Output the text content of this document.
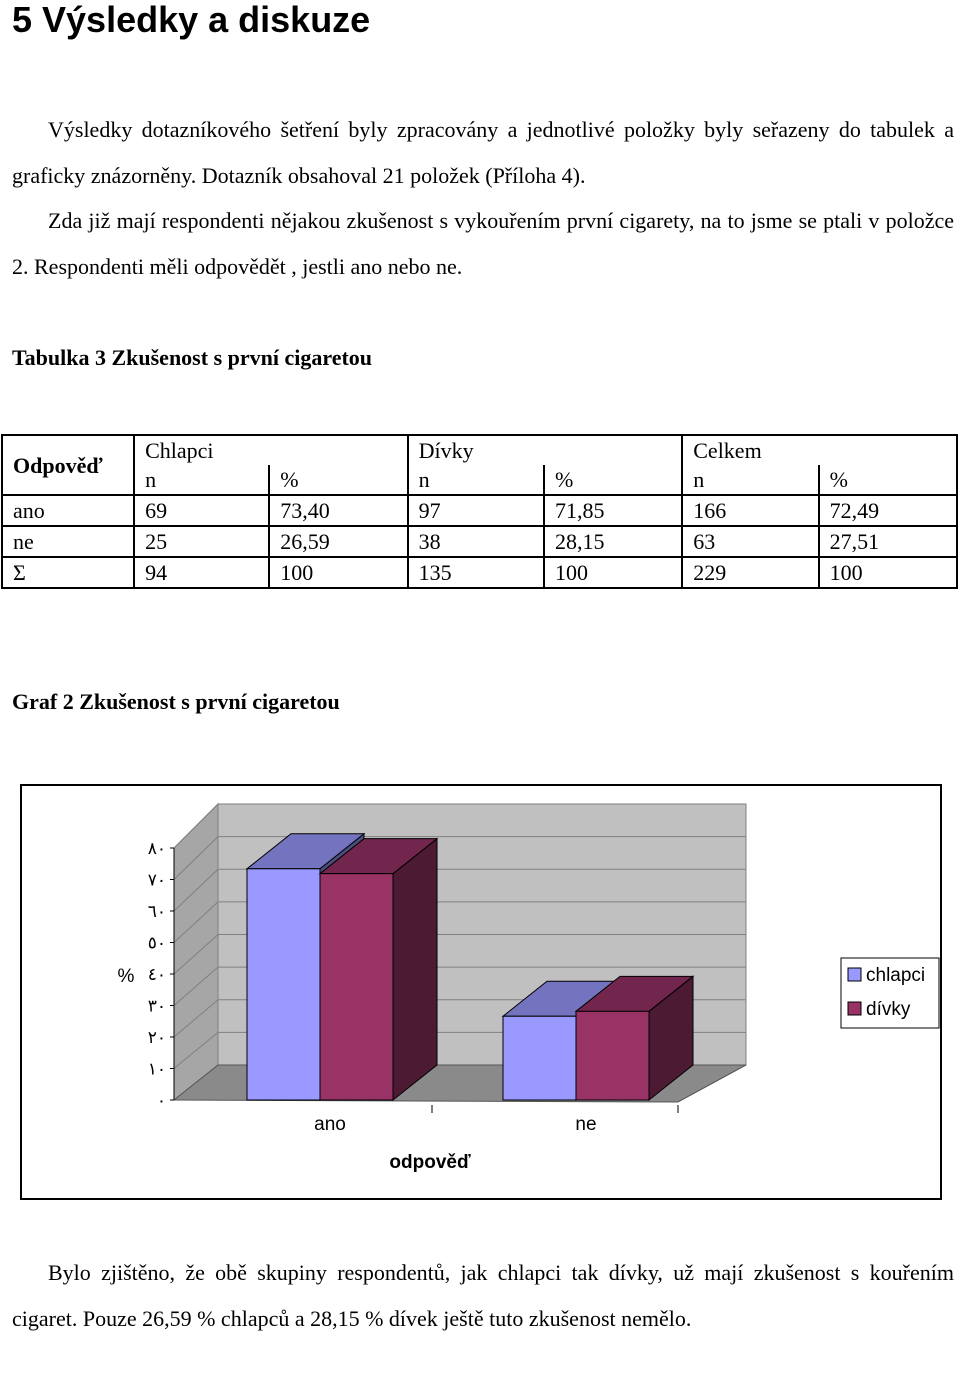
5 Výsledky a diskuze

Výsledky dotazníkového šetření byly zpracovány a jednotlivé položky byly seřazeny do tabulek a graficky znázorněny. Dotazník obsahoval 21 položek (Příloha 4).

Zda již mají respondenti nějakou zkušenost s vykouřením první cigarety, na to jsme se ptali v položce 2. Respondenti měli odpovědět , jestli ano nebo ne.

Tabulka 3 Zkušenost s první cigaretou

Odpověď	Chlapci		Dívky		Celkem	
	n	%	n	%	n	%
ano	69	73,40	97	71,85	166	72,49
ne	25	26,59	38	28,15	63	27,51
Σ	94	100	135	100	229	100

Graf 2 Zkušenost s první cigaretou

٠
١٠
٢٠
٣٠
٤٠
٥٠
٦٠
٧٠
٨٠
%
ano	ne
odpověď
chlapci
dívky

Bylo zjištěno, že obě skupiny respondentů, jak chlapci tak dívky, už mají zkušenost s kouřením cigaret. Pouze 26,59 % chlapců a 28,15 % dívek ještě tuto zkušenost nemělo.
